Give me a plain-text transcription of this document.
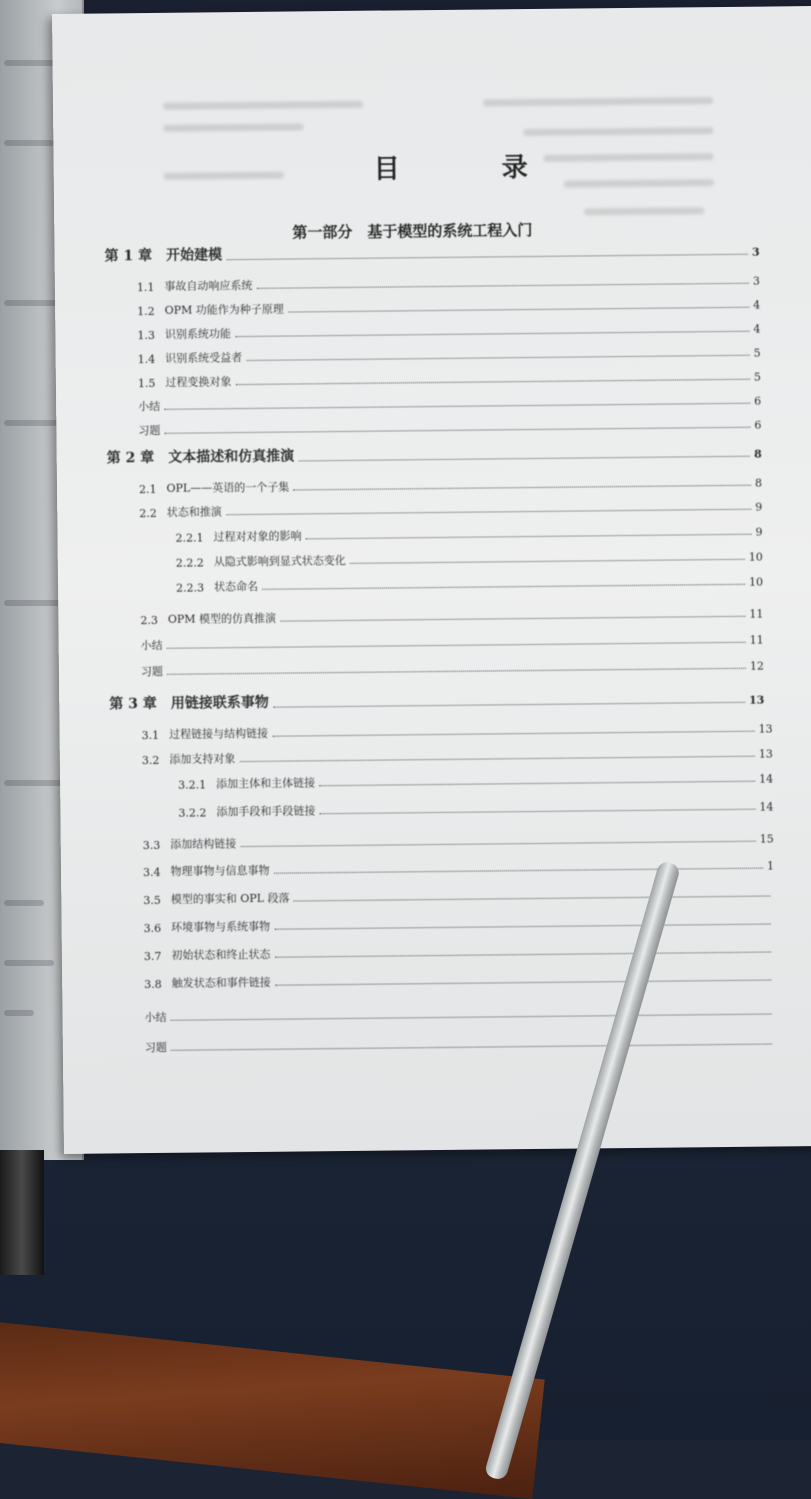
目　录
第一部分　基于模型的系统工程入门
第 1 章 开始建模	3
1.1 事故自动响应系统	3
1.2 OPM 功能作为种子原理	4
1.3 识别系统功能	4
1.4 识别系统受益者	5
1.5 过程变换对象	5
小结	6
习题	6
第 2 章 文本描述和仿真推演	8
2.1 OPL——英语的一个子集	8
2.2 状态和推演	9
2.2.1 过程对对象的影响	9
2.2.2 从隐式影响到显式状态变化	10
2.2.3 状态命名	10
2.3 OPM 模型的仿真推演	11
小结	11
习题	12
第 3 章 用链接联系事物	13
3.1 过程链接与结构链接	13
3.2 添加支持对象	13
3.2.1 添加主体和主体链接	14
3.2.2 添加手段和手段链接	14
3.3 添加结构链接	15
3.4 物理事物与信息事物	1
3.5 模型的事实和 OPL 段落
3.6 环境事物与系统事物
3.7 初始状态和终止状态
3.8 触发状态和事件链接
小结
习题
